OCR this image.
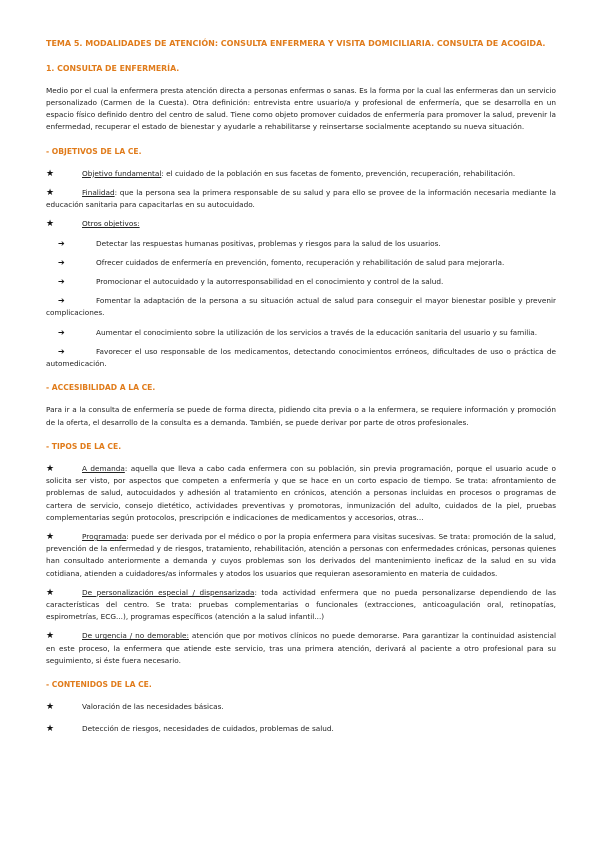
TEMA 5. MODALIDADES DE ATENCIÓN: CONSULTA ENFERMERA Y VISITA DOMICILIARIA. CONSULTA DE ACOGIDA.

1. CONSULTA DE ENFERMERÍA.

Medio por el cual la enfermera presta atención directa a personas enfermas o sanas. Es la forma por la cual las enfermeras dan un servicio personalizado (Carmen de la Cuesta). Otra definición: entrevista entre usuario/a y profesional de enfermería, que se desarrolla en un espacio físico definido dentro del centro de salud. Tiene como objeto promover cuidados de enfermería para promover la salud, prevenir la enfermedad, recuperar el estado de bienestar y ayudarle a rehabilitarse y reinsertarse socialmente aceptando su nueva situación.

- OBJETIVOS DE LA CE.

★	Objetivo fundamental: el cuidado de la población en sus facetas de fomento, prevención, recuperación, rehabilitación.

★	Finalidad: que la persona sea la primera responsable de su salud y para ello se provee de la información necesaria mediante la educación sanitaria para capacitarlas en su autocuidado.

★	Otros objetivos:

➔	Detectar las respuestas humanas positivas, problemas y riesgos para la salud de los usuarios.

➔	Ofrecer cuidados de enfermería en prevención, fomento, recuperación y rehabilitación de salud para mejorarla.

➔	Promocionar el autocuidado y la autorresponsabilidad en el conocimiento y control de la salud.

➔	Fomentar la adaptación de la persona a su situación actual de salud para conseguir el mayor bienestar posible y prevenir complicaciones.

➔	Aumentar el conocimiento sobre la utilización de los servicios a través de la educación sanitaria del usuario y su familia.

➔	Favorecer el uso responsable de los medicamentos, detectando conocimientos erróneos, dificultades de uso o práctica de automedicación.

- ACCESIBILIDAD A LA CE.

Para ir a la consulta de enfermería se puede de forma directa, pidiendo cita previa o a la enfermera, se requiere información y promoción de la oferta, el desarrollo de la consulta es a demanda. También, se puede derivar por parte de otros profesionales.

- TIPOS DE LA CE.

★	A demanda: aquella que lleva a cabo cada enfermera con su población, sin previa programación, porque el usuario acude o solicita ser visto, por aspectos que competen a enfermería y que se hace en un corto espacio de tiempo. Se trata: afrontamiento de problemas de salud, autocuidados y adhesión al tratamiento en crónicos, atención a personas incluidas en procesos o programas de cartera de servicio, consejo dietético, actividades preventivas y promotoras, inmunización del adulto, cuidados de la piel, pruebas complementarias según protocolos, prescripción e indicaciones de medicamentos y accesorios, otras...

★	Programada: puede ser derivada por el médico o por la propia enfermera para visitas sucesivas. Se trata: promoción de la salud, prevención de la enfermedad y de riesgos, tratamiento, rehabilitación, atención a personas con enfermedades crónicas, personas quienes han consultado anteriormente a demanda y cuyos problemas son los derivados del mantenimiento ineficaz de la salud en su vida cotidiana, atienden a cuidadores/as informales y atodos los usuarios que requieran asesoramiento en materia de cuidados.

★	De personalización especial / dispensarizada: toda actividad enfermera que no pueda personalizarse dependiendo de las características del centro. Se trata: pruebas complementarias o funcionales (extracciones, anticoagulación oral, retinopatías, espirometrías, ECG...), programas específicos (atención a la salud infantil...)

★	De urgencia / no demorable: atención que por motivos clínicos no puede demorarse. Para garantizar la continuidad asistencial en este proceso, la enfermera que atiende este servicio, tras una primera atención, derivará al paciente a otro profesional para su seguimiento, si éste fuera necesario.

- CONTENIDOS DE LA CE.

★	Valoración de las necesidades básicas.

★	Detección de riesgos, necesidades de cuidados, problemas de salud.
